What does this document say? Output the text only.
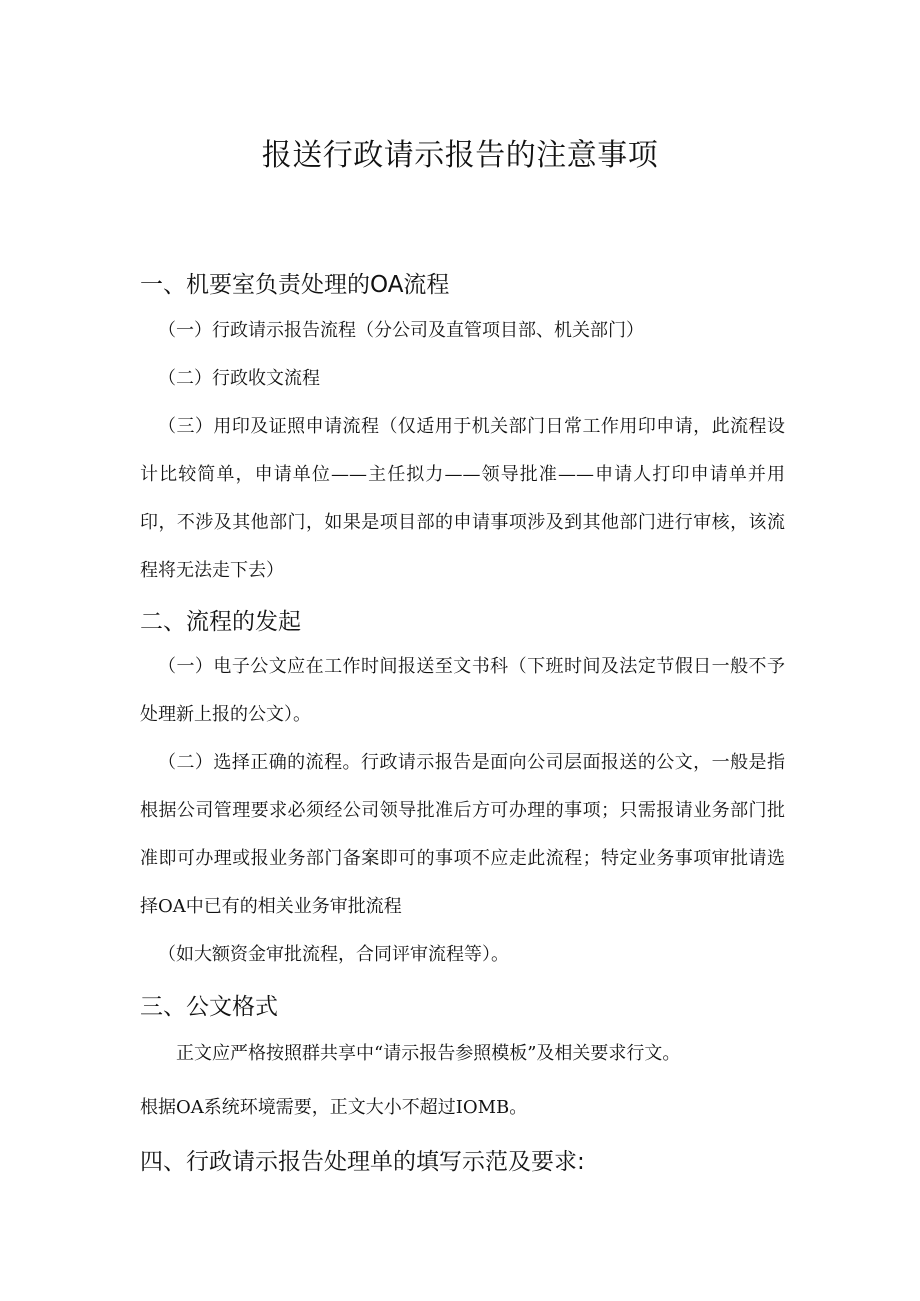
报送行政请示报告的注意事项
一、机要室负责处理的OA流程
（一）行政请示报告流程（分公司及直管项目部、机关部门）
（二）行政收文流程
（三）用印及证照申请流程（仅适用于机关部门日常工作用印申请，此流程设计比较简单，申请单位——主任拟力——领导批准——申请人打印申请单并用印，不涉及其他部门，如果是项目部的申请事项涉及到其他部门进行审核，该流程将无法走下去）
二、流程的发起
（一）电子公文应在工作时间报送至文书科（下班时间及法定节假日一般不予处理新上报的公文）。
（二）选择正确的流程。行政请示报告是面向公司层面报送的公文，一般是指根据公司管理要求必须经公司领导批准后方可办理的事项；只需报请业务部门批准即可办理或报业务部门备案即可的事项不应走此流程；特定业务事项审批请选择OA中已有的相关业务审批流程
（如大额资金审批流程，合同评审流程等）。
三、公文格式
正文应严格按照群共享中“请示报告参照模板”及相关要求行文。
根据OA系统环境需要，正文大小不超过IOMB。
四、行政请示报告处理单的填写示范及要求:
